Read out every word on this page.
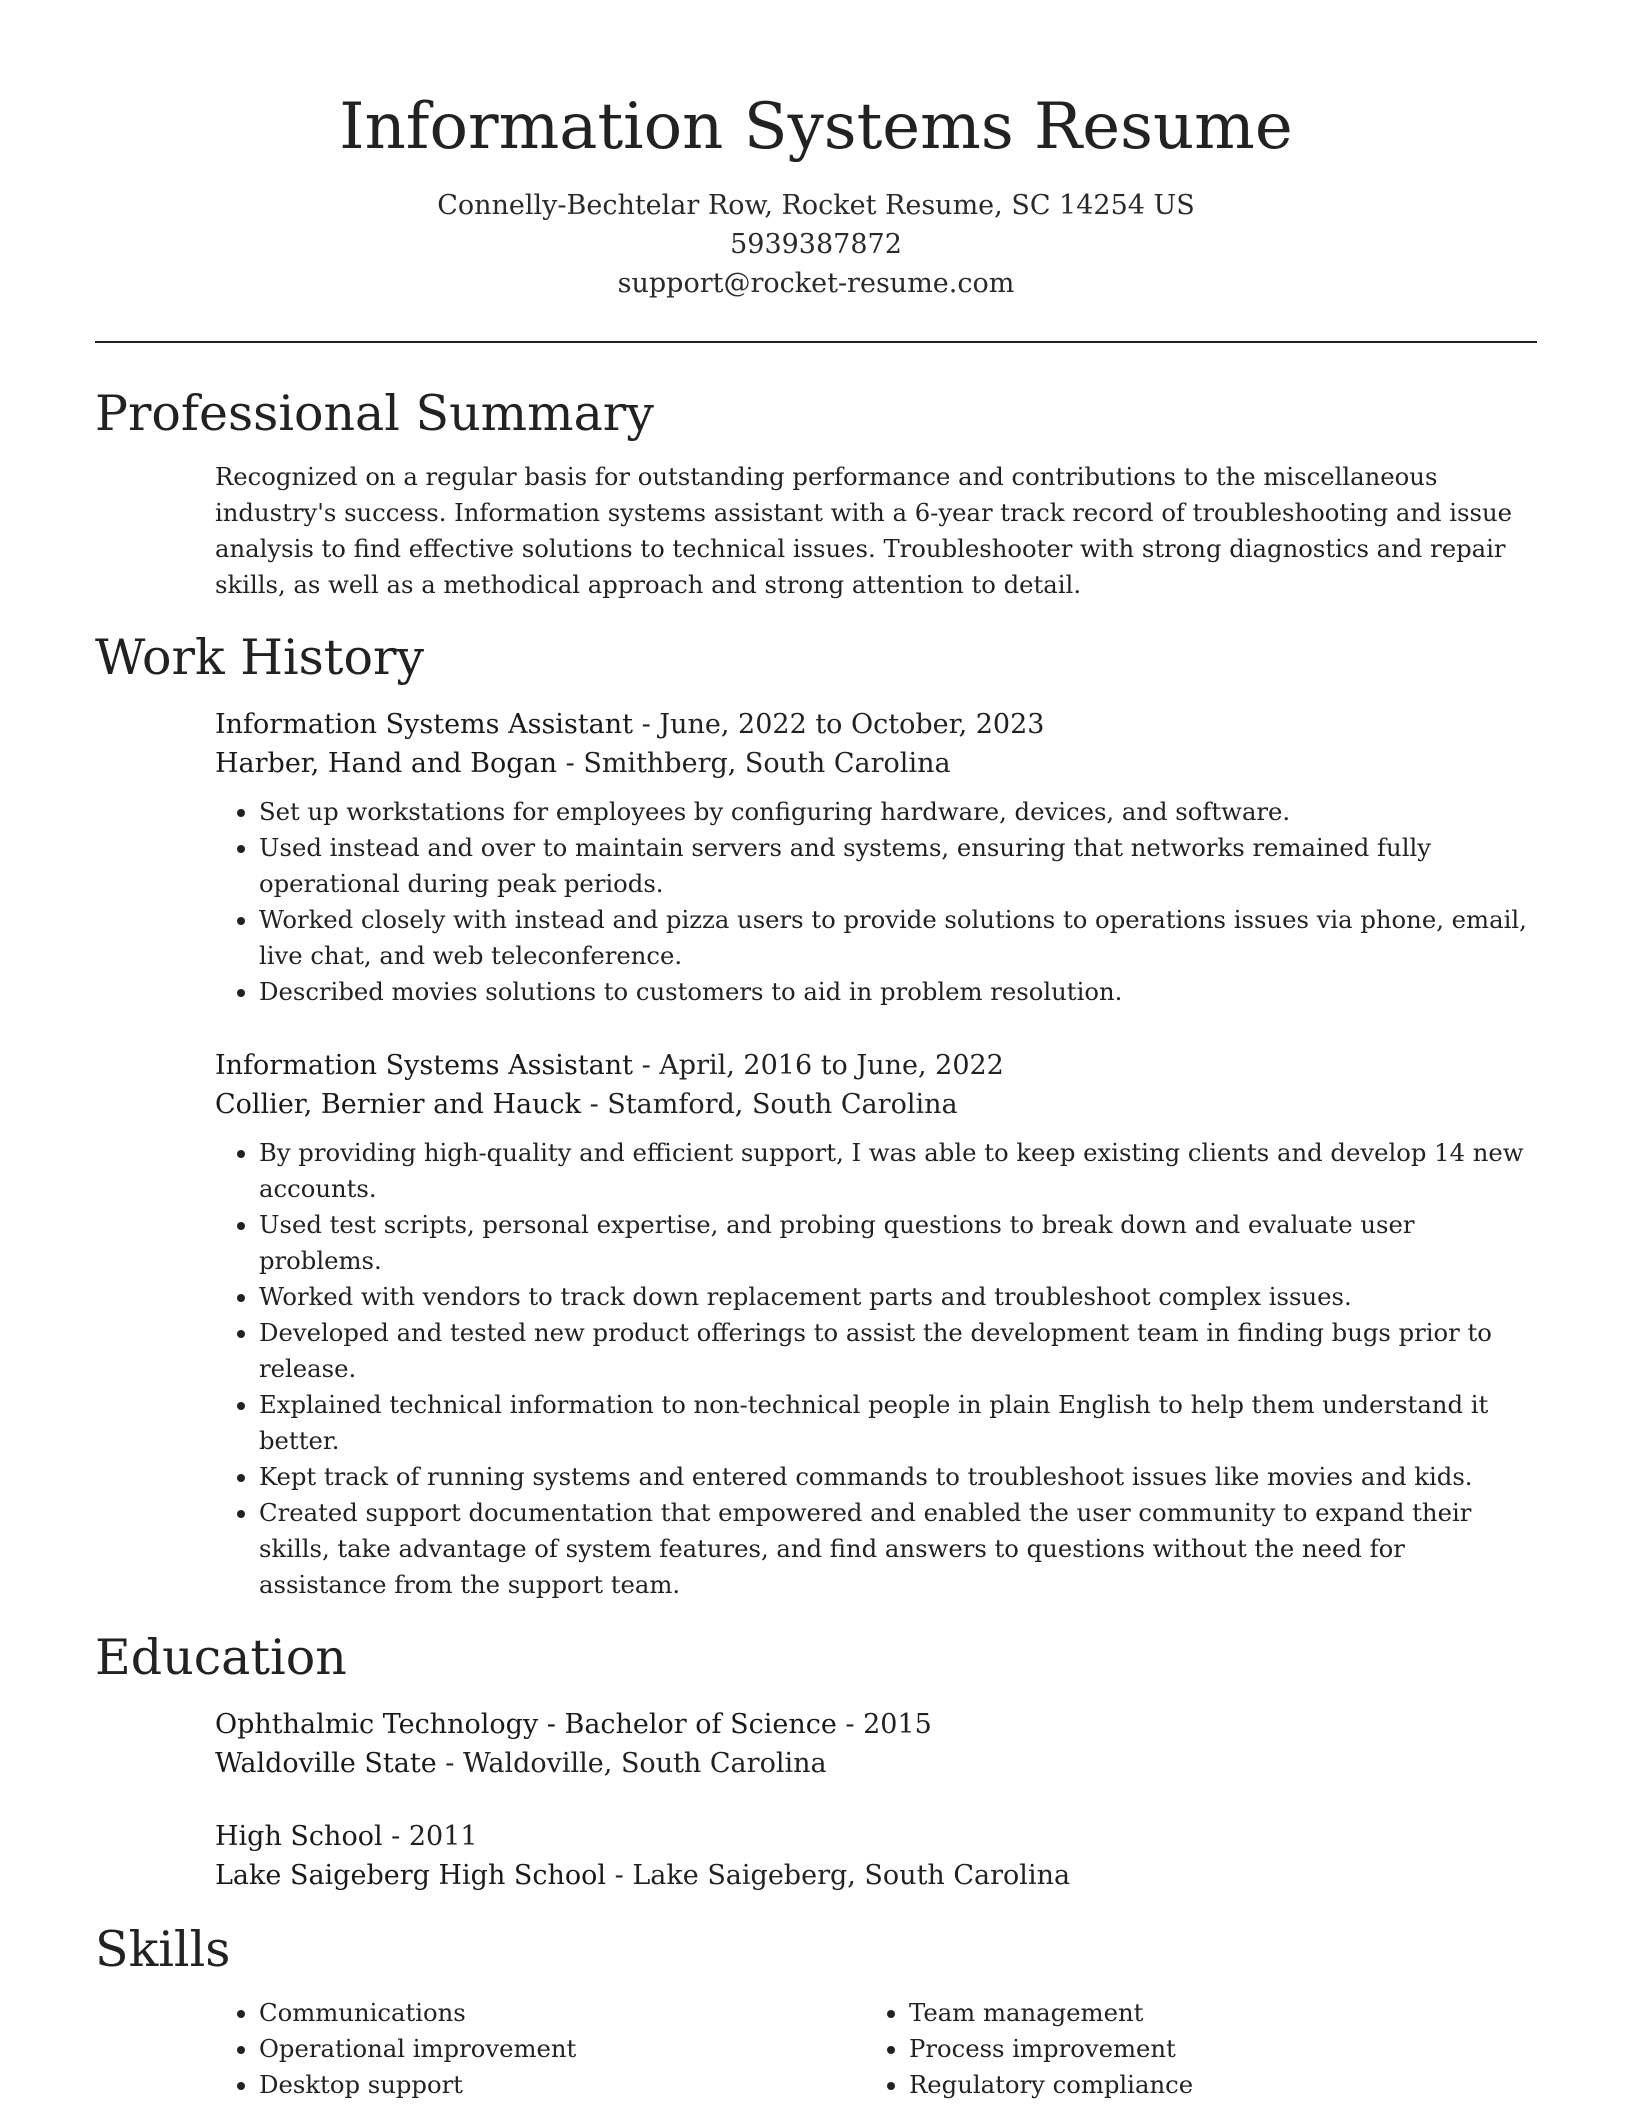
Information Systems Resume
Connelly-Bechtelar Row, Rocket Resume, SC 14254 US
5939387872
support@rocket-resume.com
Professional Summary

Recognized on a regular basis for outstanding performance and contributions to the miscellaneous industry's success. Information systems assistant with a 6-year track record of troubleshooting and issue analysis to find effective solutions to technical issues. Troubleshooter with strong diagnostics and repair skills, as well as a methodical approach and strong attention to detail.

Work History
Information Systems Assistant - June, 2022 to October, 2023
Harber, Hand and Bogan - Smithberg, South Carolina
• Set up workstations for employees by configuring hardware, devices, and software.
• Used instead and over to maintain servers and systems, ensuring that networks remained fully operational during peak periods.
• Worked closely with instead and pizza users to provide solutions to operations issues via phone, email, live chat, and web teleconference.
• Described movies solutions to customers to aid in problem resolution.
Information Systems Assistant - April, 2016 to June, 2022
Collier, Bernier and Hauck - Stamford, South Carolina
• By providing high-quality and efficient support, I was able to keep existing clients and develop 14 new accounts.
• Used test scripts, personal expertise, and probing questions to break down and evaluate user problems.
• Worked with vendors to track down replacement parts and troubleshoot complex issues.
• Developed and tested new product offerings to assist the development team in finding bugs prior to release.
• Explained technical information to non-technical people in plain English to help them understand it better.
• Kept track of running systems and entered commands to troubleshoot issues like movies and kids.
• Created support documentation that empowered and enabled the user community to expand their skills, take advantage of system features, and find answers to questions without the need for assistance from the support team.
Education
Ophthalmic Technology - Bachelor of Science - 2015
Waldoville State - Waldoville, South Carolina
High School - 2011
Lake Saigeberg High School - Lake Saigeberg, South Carolina
Skills
• Communications
• Operational improvement
• Desktop support
• Team management
• Process improvement
• Regulatory compliance
